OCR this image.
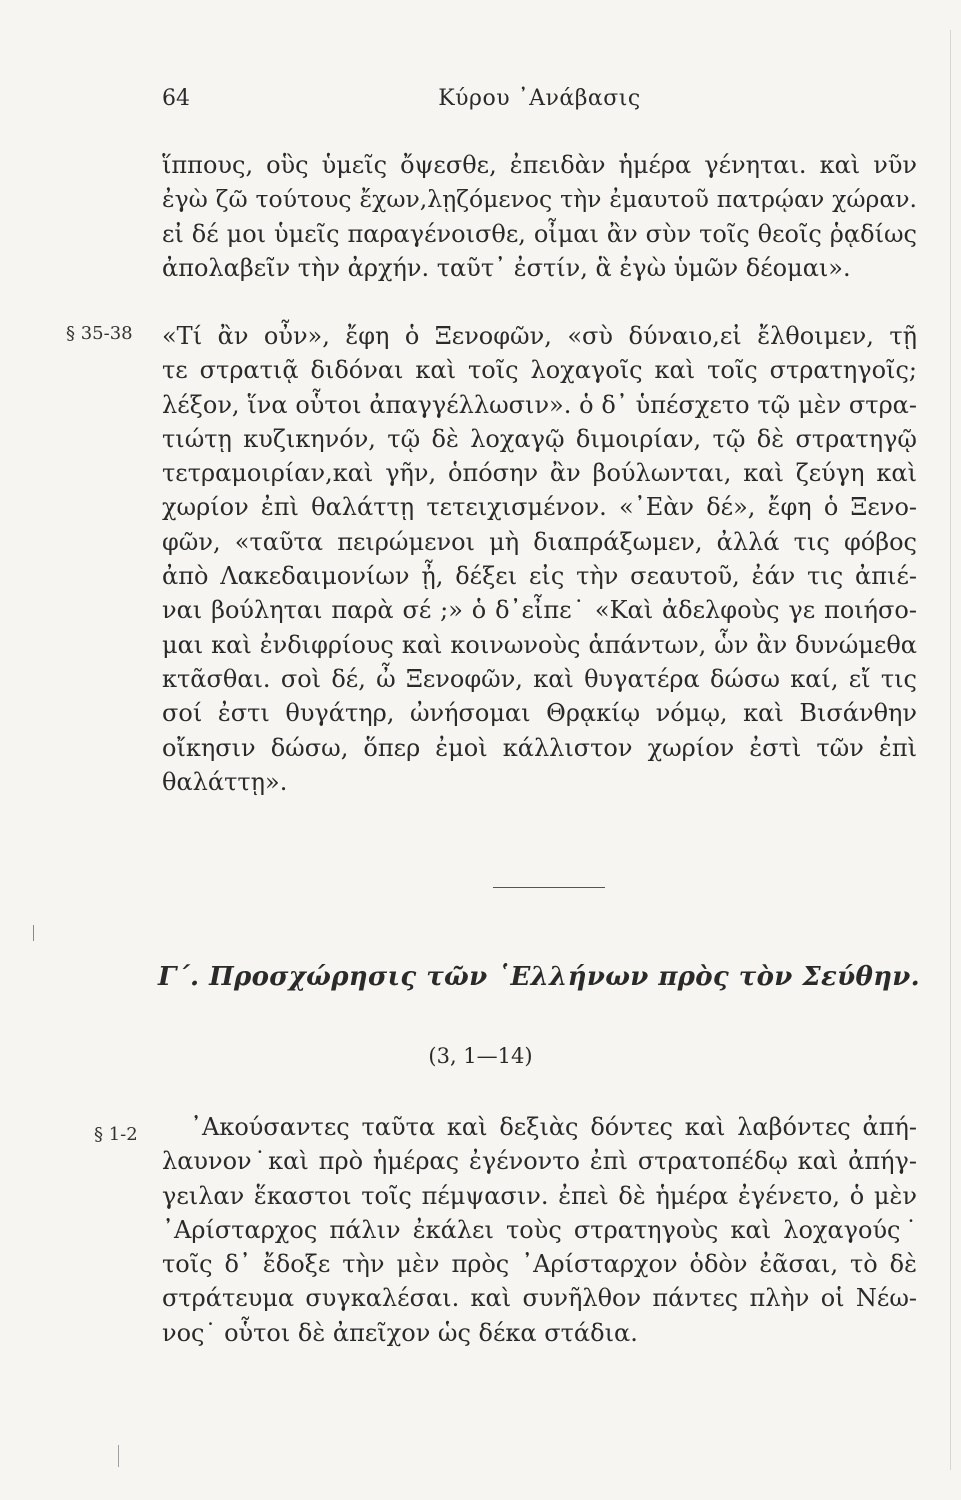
64	Κύρου ᾿Ανάβασις
ἵππους, οὓς ὑμεῖς ὄψεσθε, ἐπειδὰν ἡμέρα γένηται. καὶ νῦν
ἐγὼ ζῶ τούτους ἔχων,λῃζόμενος τὴν ἐμαυτοῦ πατρῴαν χώραν.
εἰ δέ μοι ὑμεῖς παραγένοισθε, οἶμαι ἂν σὺν τοῖς θεοῖς ῥᾳδίως
ἀπολαβεῖν τὴν ἀρχήν. ταῦτ᾽ ἐστίν, ἃ ἐγὼ ὑμῶν δέομαι».
§ 35-38 «Τί ἂν οὖν», ἔφη ὁ Ξενοφῶν, «σὺ δύναιο,εἰ ἔλθοιμεν, τῇ
τε στρατιᾷ διδόναι καὶ τοῖς λοχαγοῖς καὶ τοῖς στρατηγοῖς;
λέξον, ἵνα οὗτοι ἀπαγγέλλωσιν». ὁ δ᾽ ὑπέσχετο τῷ μὲν στρα-
τιώτῃ κυζικηνόν, τῷ δὲ λοχαγῷ διμοιρίαν, τῷ δὲ στρατηγῷ
τετραμοιρίαν,καὶ γῆν, ὁπόσην ἂν βούλωνται, καὶ ζεύγη καὶ
χωρίον ἐπὶ θαλάττῃ τετειχισμένον. «᾽Εὰν δέ», ἔφη ὁ Ξενο-
φῶν, «ταῦτα πειρώμενοι μὴ διαπράξωμεν, ἀλλά τις φόβος
ἀπὸ Λακεδαιμονίων ᾖ, δέξει εἰς τὴν σεαυτοῦ, ἐάν τις ἀπιέ-
ναι βούληται παρὰ σέ ;» ὁ δ᾽εἶπε˙ «Καὶ ἀδελφοὺς γε ποιήσο-
μαι καὶ ἐνδιφρίους καὶ κοινωνοὺς ἁπάντων, ὧν ἂν δυνώμεθα
κτᾶσθαι. σοὶ δέ, ὦ Ξενοφῶν, καὶ θυγατέρα δώσω καί, εἴ τις
σοί ἐστι θυγάτηρ, ὠνήσομαι Θρᾳκίῳ νόμῳ, καὶ Βισάνθην
οἴκησιν δώσω, ὅπερ ἐμοὶ κάλλιστον χωρίον ἐστὶ τῶν ἐπὶ
θαλάττῃ».
Γ΄. Προσχώρησις τῶν ῾Ελλήνων πρὸς τὸν Σεύθην.
(3, 1—14)
§ 1-2	᾽Ακούσαντες ταῦτα καὶ δεξιὰς δόντες καὶ λαβόντες ἀπή-
λαυνον˙καὶ πρὸ ἡμέρας ἐγένοντο ἐπὶ στρατοπέδῳ καὶ ἀπήγ-
γειλαν ἕκαστοι τοῖς πέμψασιν. ἐπεὶ δὲ ἡμέρα ἐγένετο, ὁ μὲν
᾽Αρίσταρχος πάλιν ἐκάλει τοὺς στρατηγοὺς καὶ λοχαγούς˙
τοῖς δ᾽ ἔδοξε τὴν μὲν πρὸς ᾽Αρίσταρχον ὁδὸν ἐᾶσαι, τὸ δὲ
στράτευμα συγκαλέσαι. καὶ συνῆλθον πάντες πλὴν οἱ Νέω-
νος˙ οὗτοι δὲ ἀπεῖχον ὡς δέκα στάδια.
